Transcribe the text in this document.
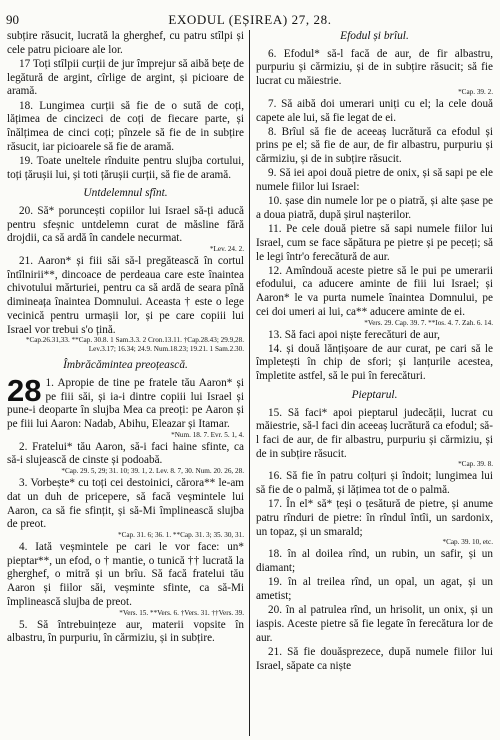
90	EXODUL (EȘIREA) 27, 28.

subțire răsucit, lucrată la gherghef, cu patru stîlpi și cele patru picioare ale lor.

17 Toți stîlpii curții de jur împrejur să aibă bețe de legătură de argint, cîrlige de argint, și picioare de aramă.

18. Lungimea curții să fie de o sută de coți, lățimea de cincizeci de coți de fiecare parte, și înălțimea de cinci coți; pînzele să fie de in subțire răsucit, iar picioarele să fie de aramă.

19. Toate uneltele rînduite pentru slujba cortului, toți țărușii lui, și toti țărușii curții, să fie de aramă.

Untdelemnul sfînt.

20. Să* poruncești copiilor lui Israel să-ți aducă pentru sfeșnic untdelemn curat de măsline fără drojdii, ca să ardă în candele necurmat.

*Lev. 24. 2.

21. Aaron* și fiii săi să-l pregătească în cortul întîlnirii**, dincoace de perdeaua care este înaintea chivotului mărturiei, pentru ca să ardă de seara pînă dimineața înaintea Domnului. Aceasta † este o lege vecinică pentru urmașii lor, și pe care copiii lui Israel vor trebui s'o țină.

*Cap.26.31,33. **Cap. 30.8. 1 Sam.3.3. 2 Cron.13.11. †Cap.28.43; 29.9,28. Lev.3.17; 16.34; 24.9. Num.18.23; 19.21. 1 Sam.2.30.

Îmbrăcămintea preoțească.

28 1. Apropie de tine pe fratele tău Aaron* și pe fiii săi, și ia-i dintre copiii lui Israel și pune-i deoparte în slujba Mea ca preoți: pe Aaron și pe fiii lui Aaron: Nadab, Abihu, Eleazar și Itamar.

*Num. 18. 7. Evr. 5. 1, 4.

2. Fratelui* tău Aaron, să-i faci haine sfinte, ca să-i slujească de cinste și podoabă.

*Cap. 29. 5, 29; 31. 10; 39. 1, 2. Lev. 8. 7, 30. Num. 20. 26, 28.

3. Vorbește* cu toți cei destoinici, cărora** le-am dat un duh de pricepere, să facă veșmintele lui Aaron, ca să fie sfințit, și să-Mi împlinească slujba de preot.

*Cap. 31. 6; 36. 1. **Cap. 31. 3; 35. 30, 31.

4. Iată veșmintele pe cari le vor face: un* pieptar**, un efod, o † mantie, o tunică †† lucrată la gherghef, o mitră și un brîu. Să facă fratelui tău Aaron și fiilor săi, veșminte sfinte, ca să-Mi împlinească slujba de preot.

*Vers. 15. **Vers. 6. †Vers. 31. ††Vers. 39.

5. Să întrebuințeze aur, materii vopsite în albastru, în purpuriu, în cărmiziu, și in subțire.

Efodul și brîul.

6. Efodul* să-l facă de aur, de fir albastru, purpuriu și cărmiziu, și de in subțire răsucit; să fie lucrat cu măiestrie.

*Cap. 39. 2.

7. Să aibă doi umerari uniți cu el; la cele două capete ale lui, să fie legat de ei.

8. Brîul să fie de aceeaș lucrătură ca efodul și prins pe el; să fie de aur, de fir albastru, purpuriu și cărmiziu, și de in subțire răsucit.

9. Să iei apoi două pietre de onix, și să sapi pe ele numele fiilor lui Israel:

10. șase din numele lor pe o piatră, și alte șase pe a doua piatră, după șirul nașterilor.

11. Pe cele două pietre să sapi numele fiilor lui Israel, cum se face săpătura pe pietre și pe peceți; să le legi într'o ferecătură de aur.

12. Amîndouă aceste pietre să le pui pe umerarii efodului, ca aducere aminte de fiii lui Israel; și Aaron* le va purta numele înaintea Domnului, pe cei doi umeri ai lui, ca** aducere aminte de ei.

*Vers. 29. Cap. 39. 7. **Ios. 4. 7. Zah. 6. 14.

13. Să faci apoi niște ferecături de aur,

14. și două lănțișoare de aur curat, pe cari să le împletești în chip de sfori; și lanțurile acestea, împletite astfel, să le pui în ferecături.

Pieptarul.

15. Să faci* apoi pieptarul judecății, lucrat cu măiestrie, să-l faci din aceeaș lucrătură ca efodul; să-l faci de aur, de fir albastru, purpuriu și cărmiziu, și de in subțire răsucit.

*Cap. 39. 8.

16. Să fie în patru colțuri și îndoit; lungimea lui să fie de o palmă, și lățimea tot de o palmă.

17. În el* să* țeși o țesătură de pietre, și anume patru rînduri de pietre: în rîndul întîi, un sardonix, un topaz, și un smarald;

*Cap. 39. 10, etc.

18. în al doilea rînd, un rubin, un safir, și un diamant;

19. în al treilea rînd, un opal, un agat, și un ametist;

20. în al patrulea rînd, un hrisolit, un onix, și un iaspis. Aceste pietre să fie legate în ferecătura lor de aur.

21. Să fie douăsprezece, după numele fiilor lui Israel, săpate ca niște
